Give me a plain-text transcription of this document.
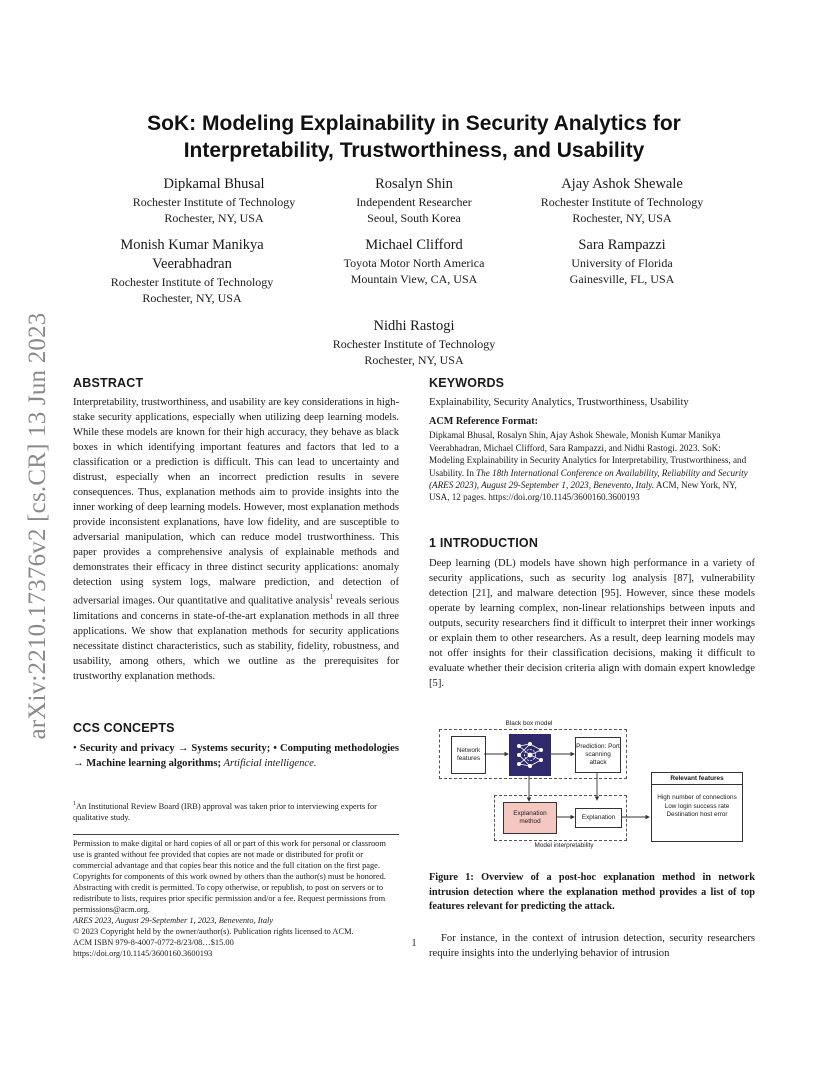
arXiv:2210.17376v2 [cs.CR] 13 Jun 2023
SoK: Modeling Explainability in Security Analytics for Interpretability, Trustworthiness, and Usability
Dipkamal Bhusal
Rochester Institute of Technology
Rochester, NY, USA
Rosalyn Shin
Independent Researcher
Seoul, South Korea
Ajay Ashok Shewale
Rochester Institute of Technology
Rochester, NY, USA
Monish Kumar Manikya Veerabhadran
Rochester Institute of Technology
Rochester, NY, USA
Michael Clifford
Toyota Motor North America
Mountain View, CA, USA
Sara Rampazzi
University of Florida
Gainesville, FL, USA
Nidhi Rastogi
Rochester Institute of Technology
Rochester, NY, USA
ABSTRACT
Interpretability, trustworthiness, and usability are key considerations in high-stake security applications, especially when utilizing deep learning models. While these models are known for their high accuracy, they behave as black boxes in which identifying important features and factors that led to a classification or a prediction is difficult. This can lead to uncertainty and distrust, especially when an incorrect prediction results in severe consequences. Thus, explanation methods aim to provide insights into the inner working of deep learning models. However, most explanation methods provide inconsistent explanations, have low fidelity, and are susceptible to adversarial manipulation, which can reduce model trustworthiness. This paper provides a comprehensive analysis of explainable methods and demonstrates their efficacy in three distinct security applications: anomaly detection using system logs, malware prediction, and detection of adversarial images. Our quantitative and qualitative analysis$^1$ reveals serious limitations and concerns in state-of-the-art explanation methods in all three applications. We show that explanation methods for security applications necessitate distinct characteristics, such as stability, fidelity, robustness, and usability, among others, which we outline as the prerequisites for trustworthy explanation methods.
CCS CONCEPTS
• Security and privacy → Systems security; • Computing methodologies → Machine learning algorithms; Artificial intelligence.
$^1$An Institutional Review Board (IRB) approval was taken prior to interviewing experts for qualitative study.
Permission to make digital or hard copies of all or part of this work for personal or classroom use is granted without fee provided that copies are not made or distributed for profit or commercial advantage and that copies bear this notice and the full citation on the first page. Copyrights for components of this work owned by others than the author(s) must be honored. Abstracting with credit is permitted. To copy otherwise, or republish, to post on servers or to redistribute to lists, requires prior specific permission and/or a fee. Request permissions from permissions@acm.org.
ARES 2023, August 29-September 1, 2023, Benevento, Italy
© 2023 Copyright held by the owner/author(s). Publication rights licensed to ACM.
ACM ISBN 979-8-4007-0772-8/23/08…$15.00
https://doi.org/10.1145/3600160.3600193
KEYWORDS
Explainability, Security Analytics, Trustworthiness, Usability
ACM Reference Format:
Dipkamal Bhusal, Rosalyn Shin, Ajay Ashok Shewale, Monish Kumar Manikya Veerabhadran, Michael Clifford, Sara Rampazzi, and Nidhi Rastogi. 2023. SoK: Modeling Explainability in Security Analytics for Interpretability, Trustworthiness, and Usability. In The 18th International Conference on Availability, Reliability and Security (ARES 2023), August 29-September 1, 2023, Benevento, Italy. ACM, New York, NY, USA, 12 pages. https://doi.org/10.1145/3600160.3600193
1 INTRODUCTION
Deep learning (DL) models have shown high performance in a variety of security applications, such as security log analysis [87], vulnerability detection [21], and malware detection [95]. However, since these models operate by learning complex, non-linear relationships between inputs and outputs, security researchers find it difficult to interpret their inner workings or explain them to other researchers. As a result, deep learning models may not offer insights for their classification decisions, making it difficult to evaluate whether their decision criteria align with domain expert knowledge [5].
Black box model
Network features
Prediction: Port scanning attack
Explanation method
Explanation
Model interpretability
Relevant features
High number of connections
Low login success rate
Destination host error
Figure 1: Overview of a post-hoc explanation method in network intrusion detection where the explanation method provides a list of top features relevant for predicting the attack.
For instance, in the context of intrusion detection, security researchers require insights into the underlying behavior of intrusion
1
